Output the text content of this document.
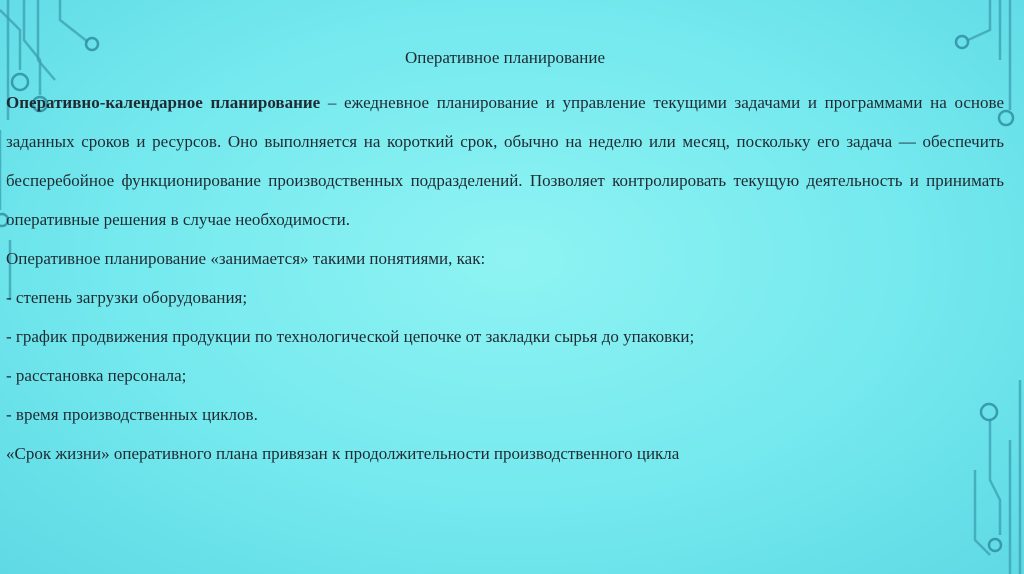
Оперативное планирование

Оперативно-календарное планирование – ежедневное планирование и управление текущими задачами и программами на основе заданных сроков и ресурсов. Оно выполняется на короткий срок, обычно на неделю или месяц, поскольку его задача — обеспечить бесперебойное функционирование производственных подразделений. Позволяет контролировать текущую деятельность и принимать оперативные решения в случае необходимости.

Оперативное планирование «занимается» такими понятиями, как:

- степень загрузки оборудования;

- график продвижения продукции по технологической цепочке от закладки сырья до упаковки;

- расстановка персонала;

- время производственных циклов.

«Срок жизни» оперативного плана привязан к продолжительности производственного цикла
